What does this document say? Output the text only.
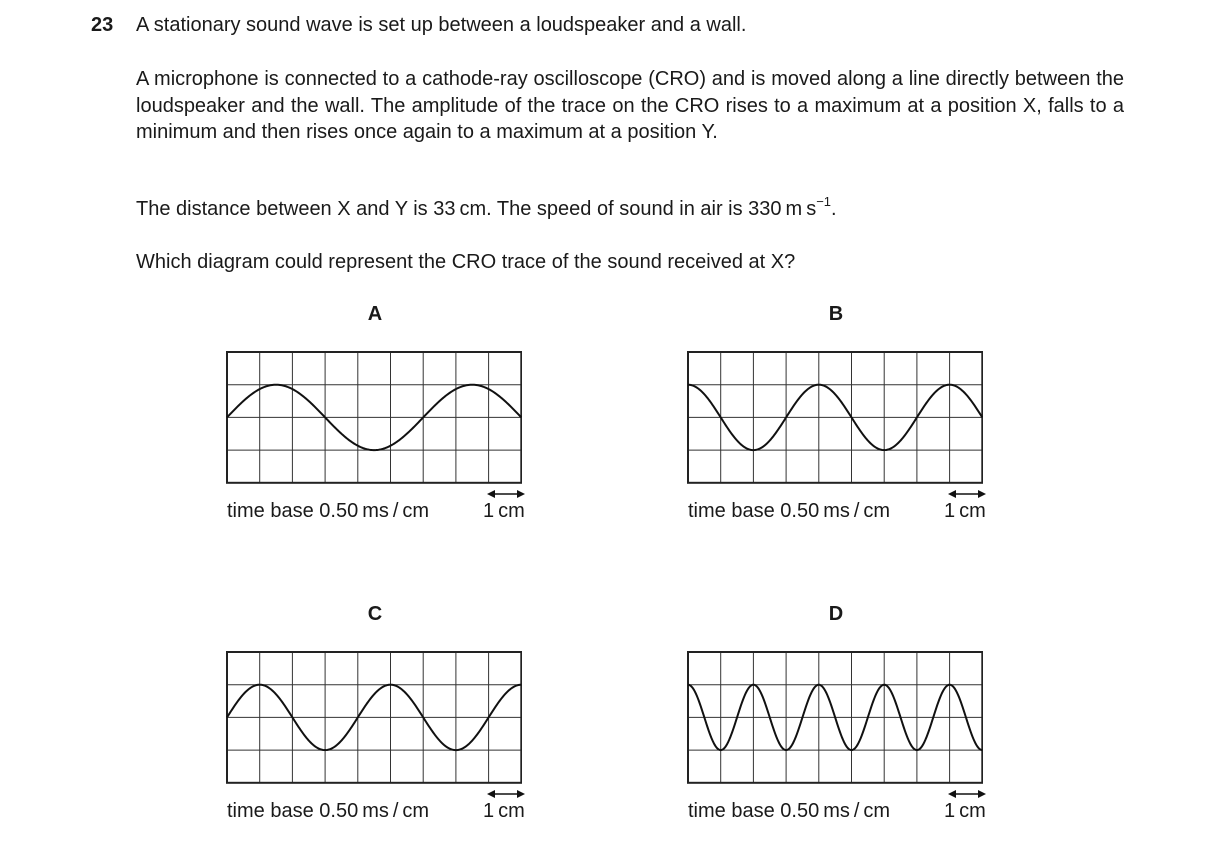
23 A stationary sound wave is set up between a loudspeaker and a wall.
A microphone is connected to a cathode-ray oscilloscope (CRO) and is moved along a line directly between the loudspeaker and the wall. The amplitude of the trace on the CRO rises to a maximum at a position X, falls to a minimum and then rises once again to a maximum at a position Y.
The distance between X and Y is 33 cm. The speed of sound in air is 330 m $s^{-1}$.
Which diagram could represent the CRO trace of the sound received at X?
A
time base 0.50 ms / cm	1 cm
B
time base 0.50 ms / cm	1 cm
C
time base 0.50 ms / cm	1 cm
D
time base 0.50 ms / cm	1 cm
